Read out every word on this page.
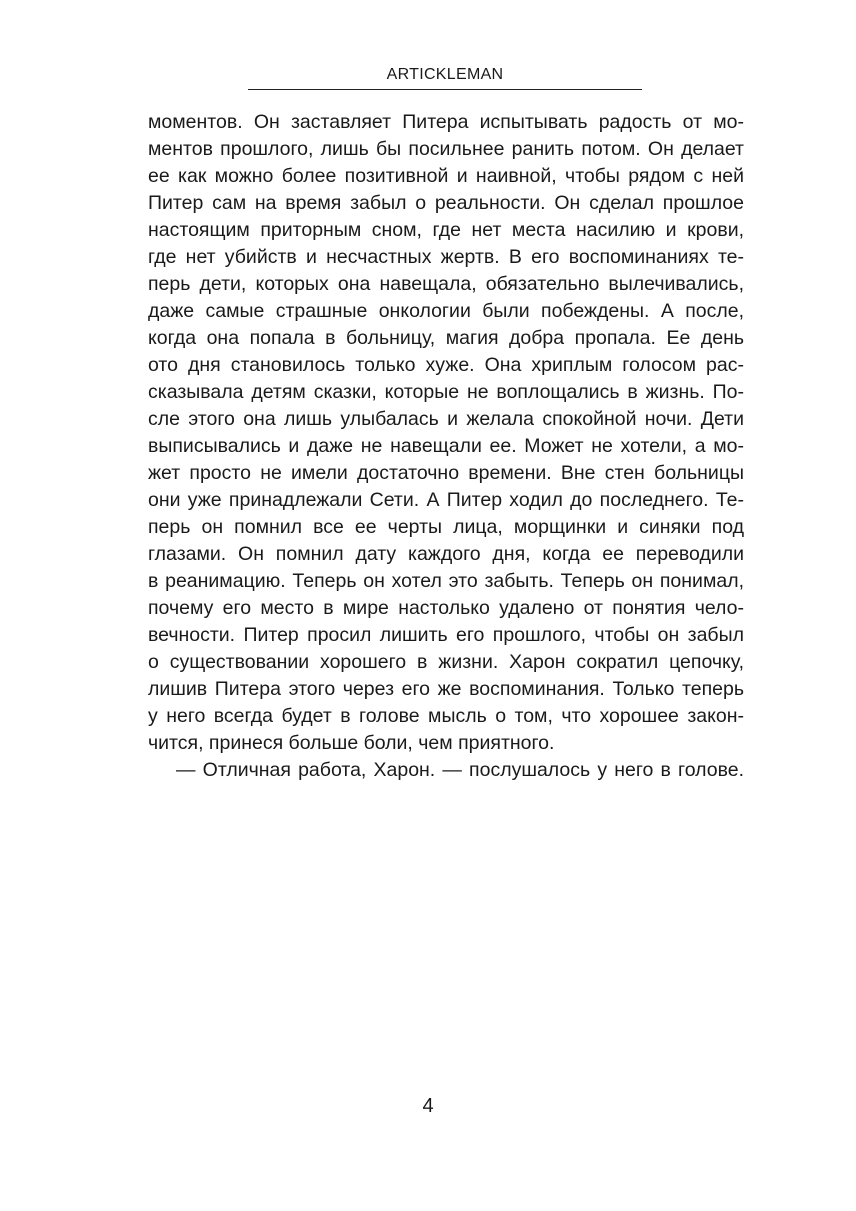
ARTICKLEMAN
моментов. Он заставляет Питера испытывать радость от мо-
ментов прошлого, лишь бы посильнее ранить потом. Он делает
ее как можно более позитивной и наивной, чтобы рядом с ней
Питер сам на время забыл о реальности. Он сделал прошлое
настоящим приторным сном, где нет места насилию и крови,
где нет убийств и несчастных жертв. В его воспоминаниях те-
перь дети, которых она навещала, обязательно вылечивались,
даже самые страшные онкологии были побеждены. А после,
когда она попала в больницу, магия добра пропала. Ее день
ото дня становилось только хуже. Она хриплым голосом рас-
сказывала детям сказки, которые не воплощались в жизнь. По-
сле этого она лишь улыбалась и желала спокойной ночи. Дети
выписывались и даже не навещали ее. Может не хотели, а мо-
жет просто не имели достаточно времени. Вне стен больницы
они уже принадлежали Сети. А Питер ходил до последнего. Те-
перь он помнил все ее черты лица, морщинки и синяки под
глазами. Он помнил дату каждого дня, когда ее переводили
в реанимацию. Теперь он хотел это забыть. Теперь он понимал,
почему его место в мире настолько удалено от понятия чело-
вечности. Питер просил лишить его прошлого, чтобы он забыл
о существовании хорошего в жизни. Харон сократил цепочку,
лишив Питера этого через его же воспоминания. Только теперь
у него всегда будет в голове мысль о том, что хорошее закон-
чится, принеся больше боли, чем приятного.
— Отличная работа, Харон. — послушалось у него в голове.
4
